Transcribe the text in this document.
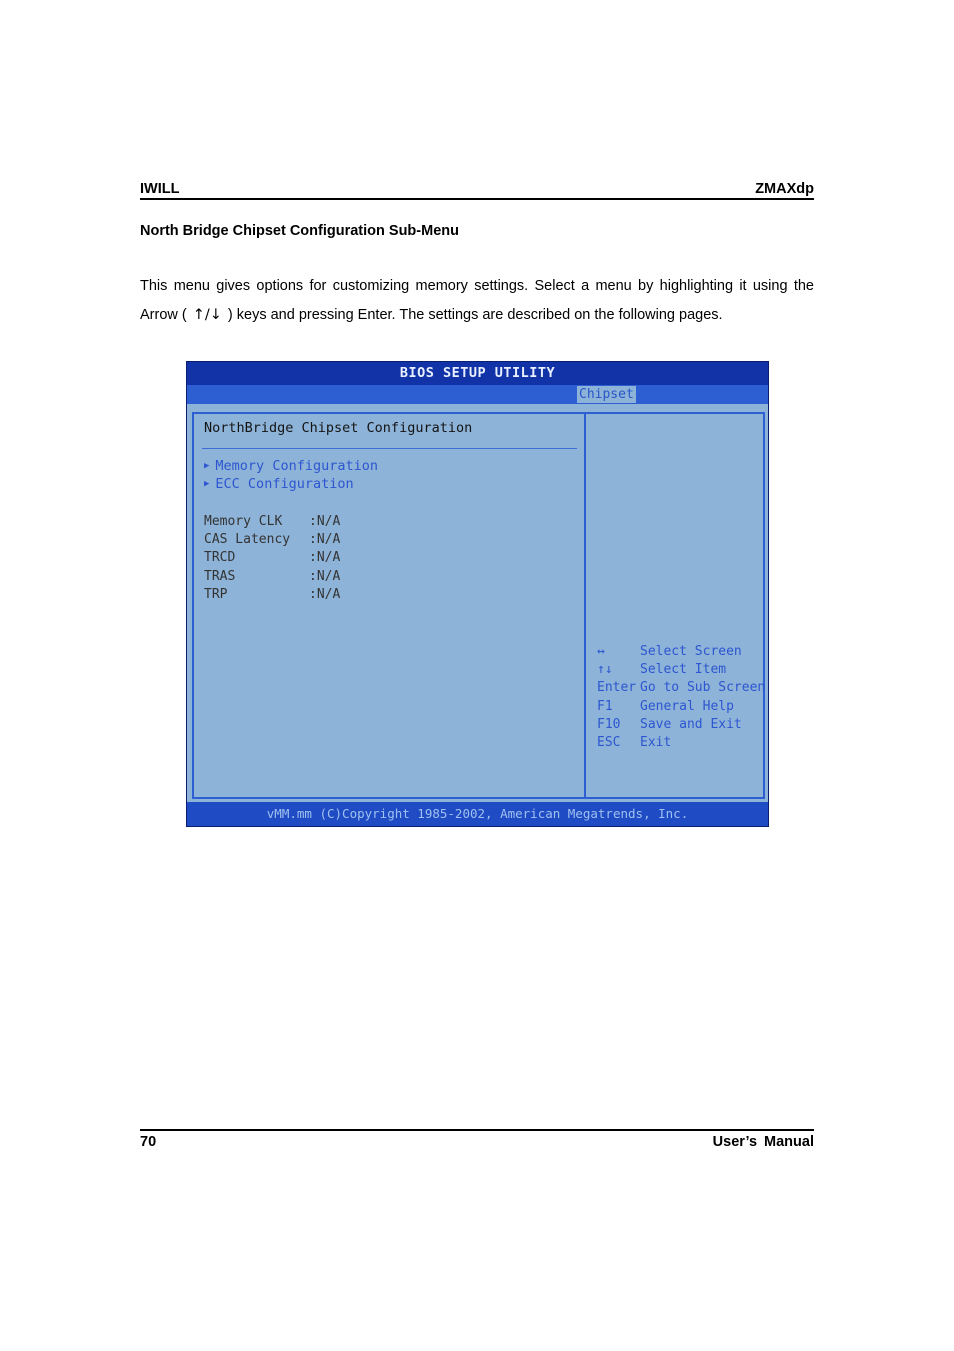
IWILL	ZMAXdp
North Bridge Chipset Configuration Sub-Menu
This menu gives options for customizing memory settings. Select a menu by highlighting it using the Arrow ( ↑/↓ ) keys and pressing Enter. The settings are described on the following pages.
BIOS SETUP UTILITY
Chipset
NorthBridge Chipset Configuration
▶ Memory Configuration
▶ ECC Configuration
Memory CLK :N/A
CAS Latency :N/A
TRCD	:N/A
TRAS	:N/A
TRP	:N/A
↔	Select Screen
↑↓ Select Item
Enter Go to Sub Screen
F1 General Help
F10 Save and Exit
ESC Exit
vMM.mm (C)Copyright 1985-2002, American Megatrends, Inc.
70	User’s Manual
